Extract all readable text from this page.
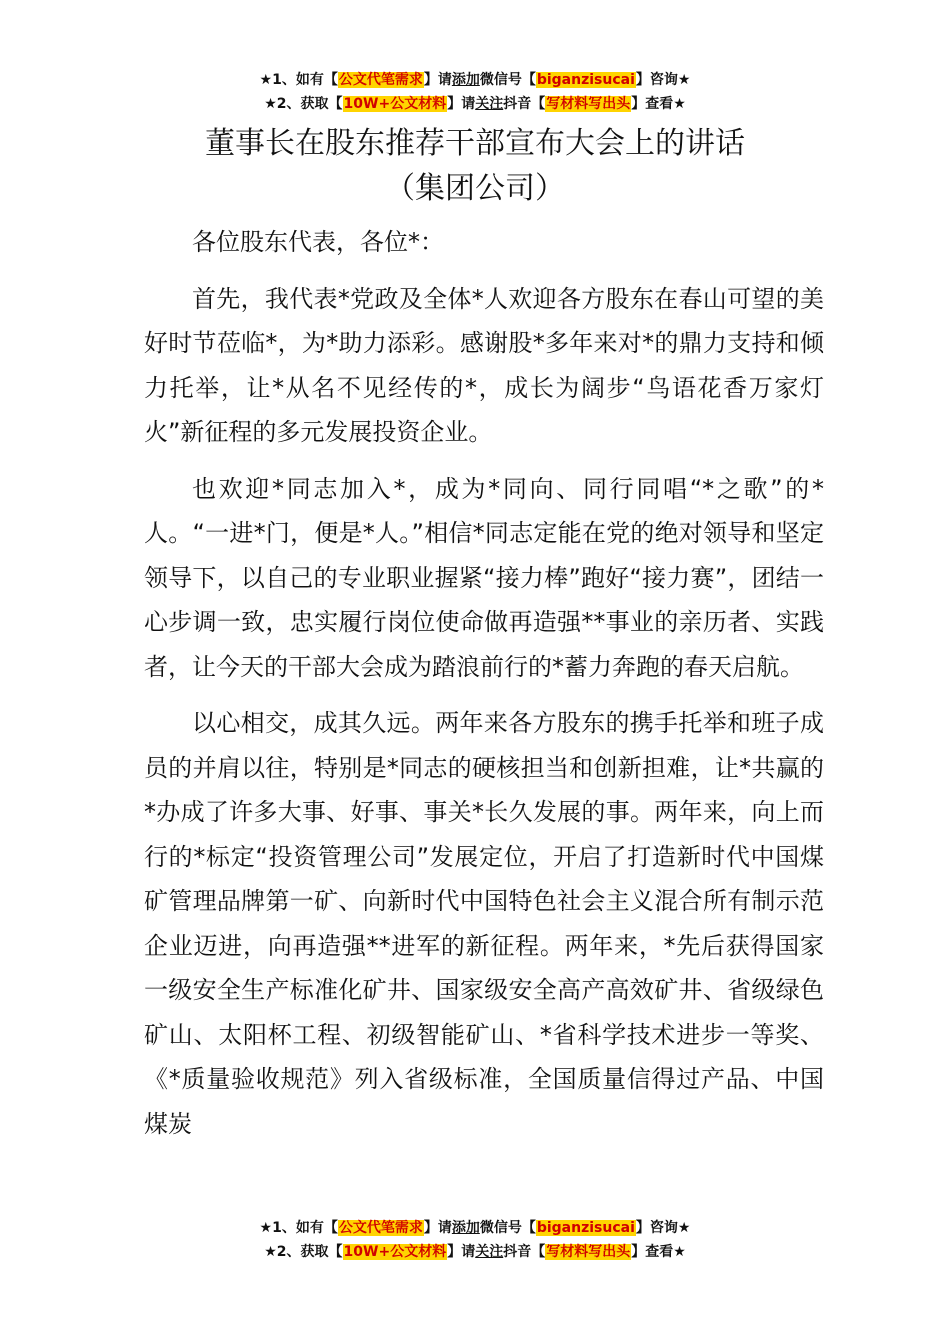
★1、如有【公文代笔需求】请添加微信号【biganzisucai】咨询★
★2、获取【10W+公文材料】请关注抖音【写材料写出头】查看★
董事长在股东推荐干部宣布大会上的讲话
（集团公司）

各位股东代表，各位*：

首先，我代表*党政及全体*人欢迎各方股东在春山可望的美好时节莅临*，为*助力添彩。感谢股*多年来对*的鼎力支持和倾力托举，让*从名不见经传的*，成长为阔步“鸟语花香万家灯火”新征程的多元发展投资企业。

也欢迎*同志加入*，成为*同向、同行同唱“*之歌”的*人。“一进*门，便是*人。”相信*同志定能在党的绝对领导和坚定领导下，以自己的专业职业握紧“接力棒”跑好“接力赛”，团结一心步调一致，忠实履行岗位使命做再造强**事业的亲历者、实践者，让今天的干部大会成为踏浪前行的*蓄力奔跑的春天启航。

以心相交，成其久远。两年来各方股东的携手托举和班子成员的并肩以往，特别是*同志的硬核担当和创新担难，让*共赢的*办成了许多大事、好事、事关*长久发展的事。两年来，向上而行的*标定“投资管理公司”发展定位，开启了打造新时代中国煤矿管理品牌第一矿、向新时代中国特色社会主义混合所有制示范企业迈进，向再造强**进军的新征程。两年来，*先后获得国家一级安全生产标准化矿井、国家级安全高产高效矿井、省级绿色矿山、太阳杯工程、初级智能矿山、*省科学技术进步一等奖、《*质量验收规范》列入省级标准，全国质量信得过产品、中国煤炭

★1、如有【公文代笔需求】请添加微信号【biganzisucai】咨询★
★2、获取【10W+公文材料】请关注抖音【写材料写出头】查看★
